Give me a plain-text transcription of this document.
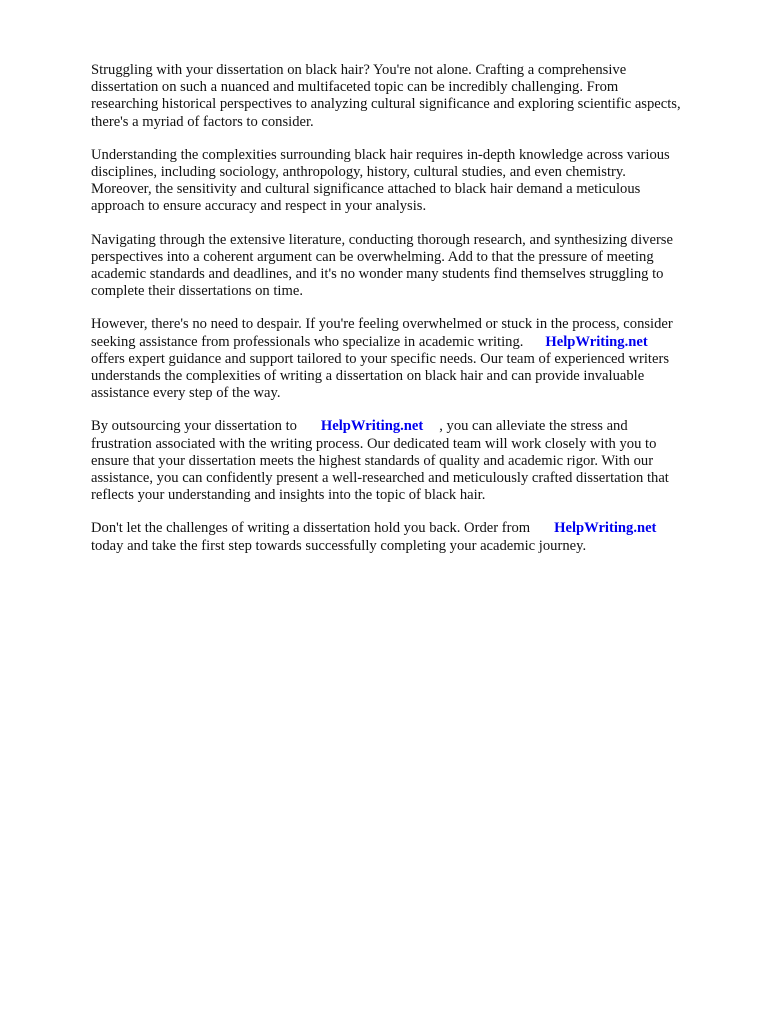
Struggling with your dissertation on black hair? You're not alone. Crafting a comprehensive
dissertation on such a nuanced and multifaceted topic can be incredibly challenging. From
researching historical perspectives to analyzing cultural significance and exploring scientific aspects,
there's a myriad of factors to consider.

Understanding the complexities surrounding black hair requires in-depth knowledge across various
disciplines, including sociology, anthropology, history, cultural studies, and even chemistry.
Moreover, the sensitivity and cultural significance attached to black hair demand a meticulous
approach to ensure accuracy and respect in your analysis.

Navigating through the extensive literature, conducting thorough research, and synthesizing diverse
perspectives into a coherent argument can be overwhelming. Add to that the pressure of meeting
academic standards and deadlines, and it's no wonder many students find themselves struggling to
complete their dissertations on time.

However, there's no need to despair. If you're feeling overwhelmed or stuck in the process, consider
seeking assistance from professionals who specialize in academic writing. HelpWriting.net
offers expert guidance and support tailored to your specific needs. Our team of experienced writers
understands the complexities of writing a dissertation on black hair and can provide invaluable
assistance every step of the way.

By outsourcing your dissertation to HelpWriting.net , you can alleviate the stress and
frustration associated with the writing process. Our dedicated team will work closely with you to
ensure that your dissertation meets the highest standards of quality and academic rigor. With our
assistance, you can confidently present a well-researched and meticulously crafted dissertation that
reflects your understanding and insights into the topic of black hair.

Don't let the challenges of writing a dissertation hold you back. Order from HelpWriting.net
today and take the first step towards successfully completing your academic journey.
